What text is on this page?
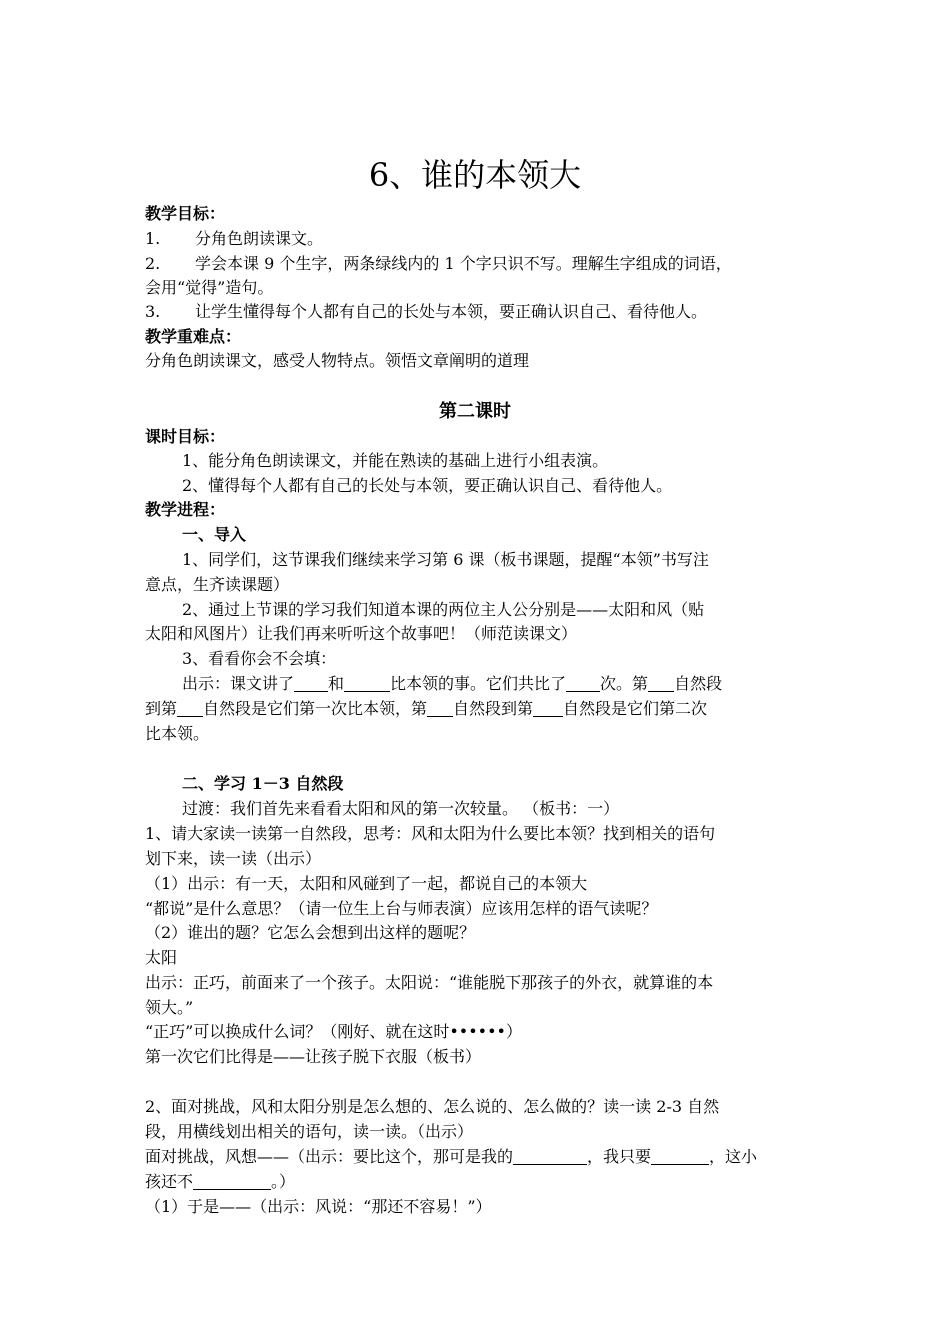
6、谁的本领大
教学目标：
1. 分角色朗读课文。
2. 学会本课 9 个生字，两条绿线内的 1 个字只识不写。理解生字组成的词语，
会用“觉得”造句。
3. 让学生懂得每个人都有自己的长处与本领，要正确认识自己、看待他人。
教学重难点：
分角色朗读课文，感受人物特点。领悟文章阐明的道理
第二课时
课时目标：
1、能分角色朗读课文，并能在熟读的基础上进行小组表演。
2、懂得每个人都有自己的长处与本领，要正确认识自己、看待他人。
教学进程：
一、导入
1、同学们，这节课我们继续来学习第 6 课（板书课题，提醒“本领”书写注
意点，生齐读课题）
2、通过上节课的学习我们知道本课的两位主人公分别是——太阳和风（贴
太阳和风图片）让我们再来听听这个故事吧！（师范读课文）
3、看看你会不会填：
出示：课文讲了 和	比本领的事。它们共比了 次。第 自然段
到第 自然段是它们第一次比本领，第 自然段到第 自然段是它们第二次
比本领。
二、学习 1－3 自然段
过渡：我们首先来看看太阳和风的第一次较量。 （板书：一）
1、请大家读一读第一自然段，思考：风和太阳为什么要比本领？找到相关的语句
划下来，读一读（出示）
（1）出示：有一天，太阳和风碰到了一起，都说自己的本领大
“都说”是什么意思？（请一位生上台与师表演）应该用怎样的语气读呢？
（2）谁出的题？它怎么会想到出这样的题呢？
太阳
出示：正巧，前面来了一个孩子。太阳说：“谁能脱下那孩子的外衣，就算谁的本
领大。”
“正巧”可以换成什么词？（刚好、就在这时••••••）
第一次它们比得是——让孩子脱下衣服（板书）
2、面对挑战，风和太阳分别是怎么想的、怎么说的、怎么做的？读一读 2-3 自然
段，用横线划出相关的语句，读一读。（出示）
面对挑战，风想——（出示：要比这个，那可是我的	，我只要	，这小
孩还不	。）
（1）于是——（出示：风说：“那还不容易！”）
